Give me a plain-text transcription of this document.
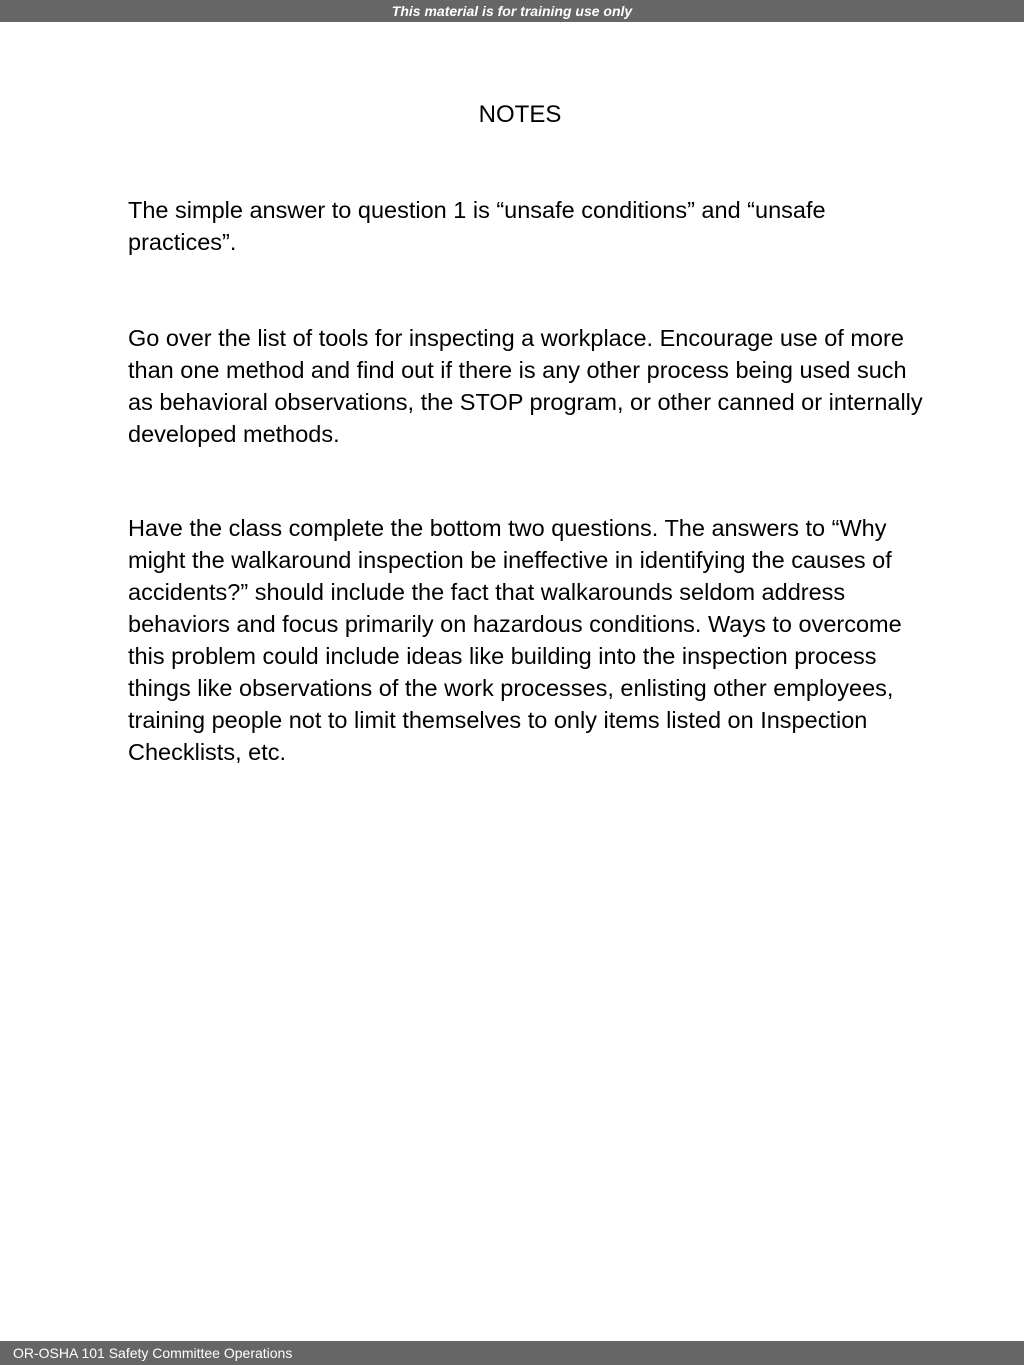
This material is for training use only
NOTES

The simple answer to question 1 is “unsafe conditions” and “unsafe practices”.

Go over the list of tools for inspecting a workplace. Encourage use of more than one method and find out if there is any other process being used such as behavioral observations, the STOP program, or other canned or internally developed methods.

Have the class complete the bottom two questions. The answers to “Why might the walkaround inspection be ineffective in identifying the causes of accidents?” should include the fact that walkarounds seldom address behaviors and focus primarily on hazardous conditions. Ways to overcome this problem could include ideas like building into the inspection process things like observations of the work processes, enlisting other employees, training people not to limit themselves to only items listed on Inspection Checklists, etc.

OR-OSHA 101 Safety Committee Operations
